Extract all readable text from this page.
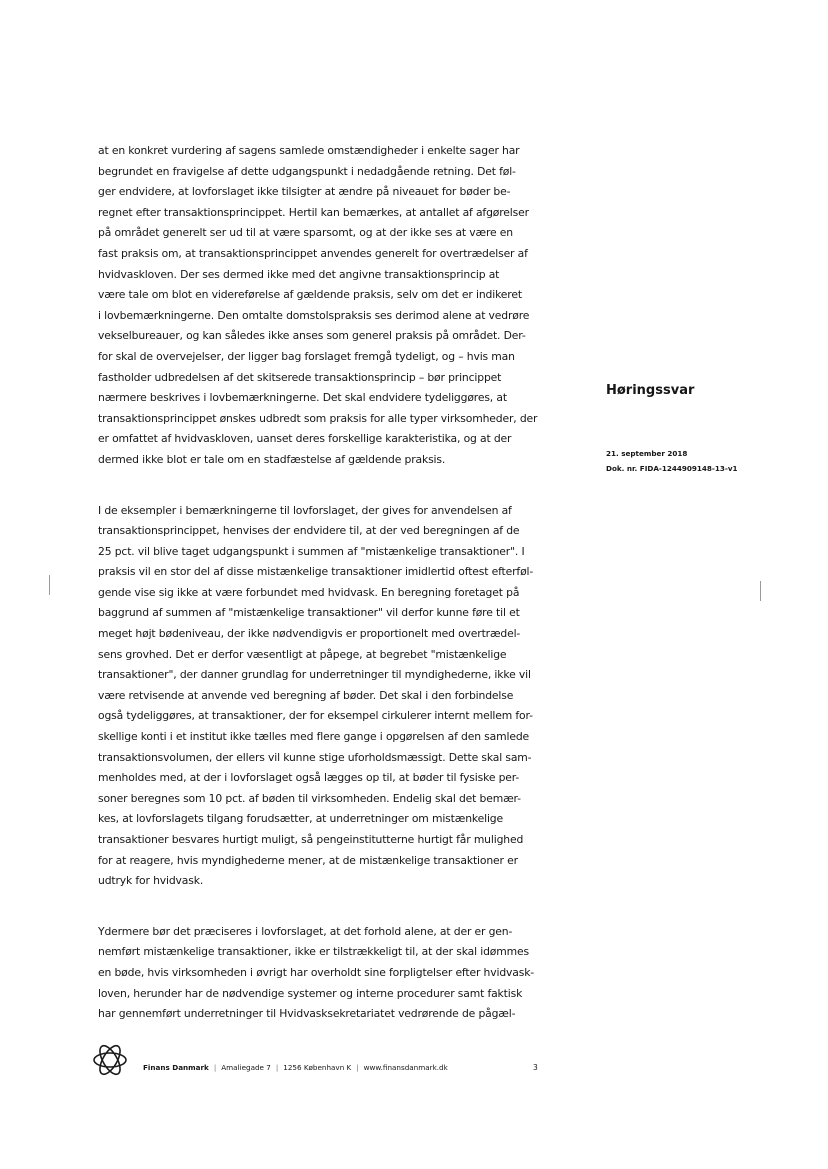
at en konkret vurdering af sagens samlede omstændigheder i enkelte sager har
begrundet en fravigelse af dette udgangspunkt i nedadgående retning. Det føl-
ger endvidere, at lovforslaget ikke tilsigter at ændre på niveauet for bøder be-
regnet efter transaktionsprincippet. Hertil kan bemærkes, at antallet af afgørelser
på området generelt ser ud til at være sparsomt, og at der ikke ses at være en
fast praksis om, at transaktionsprincippet anvendes generelt for overtrædelser af
hvidvaskloven. Der ses dermed ikke med det angivne transaktionsprincip at
være tale om blot en videreførelse af gældende praksis, selv om det er indikeret
i lovbemærkningerne. Den omtalte domstolspraksis ses derimod alene at vedrøre
vekselbureauer, og kan således ikke anses som generel praksis på området. Der-
for skal de overvejelser, der ligger bag forslaget fremgå tydeligt, og – hvis man
fastholder udbredelsen af det skitserede transaktionsprincip – bør princippet
nærmere beskrives i lovbemærkningerne. Det skal endvidere tydeliggøres, at
transaktionsprincippet ønskes udbredt som praksis for alle typer virksomheder, der
er omfattet af hvidvaskloven, uanset deres forskellige karakteristika, og at der
dermed ikke blot er tale om en stadfæstelse af gældende praksis.

I de eksempler i bemærkningerne til lovforslaget, der gives for anvendelsen af
transaktionsprincippet, henvises der endvidere til, at der ved beregningen af de
25 pct. vil blive taget udgangspunkt i summen af "mistænkelige transaktioner". I
praksis vil en stor del af disse mistænkelige transaktioner imidlertid oftest efterføl-
gende vise sig ikke at være forbundet med hvidvask. En beregning foretaget på
baggrund af summen af "mistænkelige transaktioner" vil derfor kunne føre til et
meget højt bødeniveau, der ikke nødvendigvis er proportionelt med overtrædel-
sens grovhed. Det er derfor væsentligt at påpege, at begrebet "mistænkelige
transaktioner", der danner grundlag for underretninger til myndighederne, ikke vil
være retvisende at anvende ved beregning af bøder. Det skal i den forbindelse
også tydeliggøres, at transaktioner, der for eksempel cirkulerer internt mellem for-
skellige konti i et institut ikke tælles med flere gange i opgørelsen af den samlede
transaktionsvolumen, der ellers vil kunne stige uforholdsmæssigt. Dette skal sam-
menholdes med, at der i lovforslaget også lægges op til, at bøder til fysiske per-
soner beregnes som 10 pct. af bøden til virksomheden. Endelig skal det bemær-
kes, at lovforslagets tilgang forudsætter, at underretninger om mistænkelige
transaktioner besvares hurtigt muligt, så pengeinstitutterne hurtigt får mulighed
for at reagere, hvis myndighederne mener, at de mistænkelige transaktioner er
udtryk for hvidvask.

Ydermere bør det præciseres i lovforslaget, at det forhold alene, at der er gen-
nemført mistænkelige transaktioner, ikke er tilstrækkeligt til, at der skal idømmes
en bøde, hvis virksomheden i øvrigt har overholdt sine forpligtelser efter hvidvask-
loven, herunder har de nødvendige systemer og interne procedurer samt faktisk
har gennemført underretninger til Hvidvasksekretariatet vedrørende de pågæl-

Høringssvar
21. september 2018
Dok. nr. FIDA-1244909148-13-v1
Finans Danmark | Amaliegade 7 | 1256 København K | www.finansdanmark.dk	3
